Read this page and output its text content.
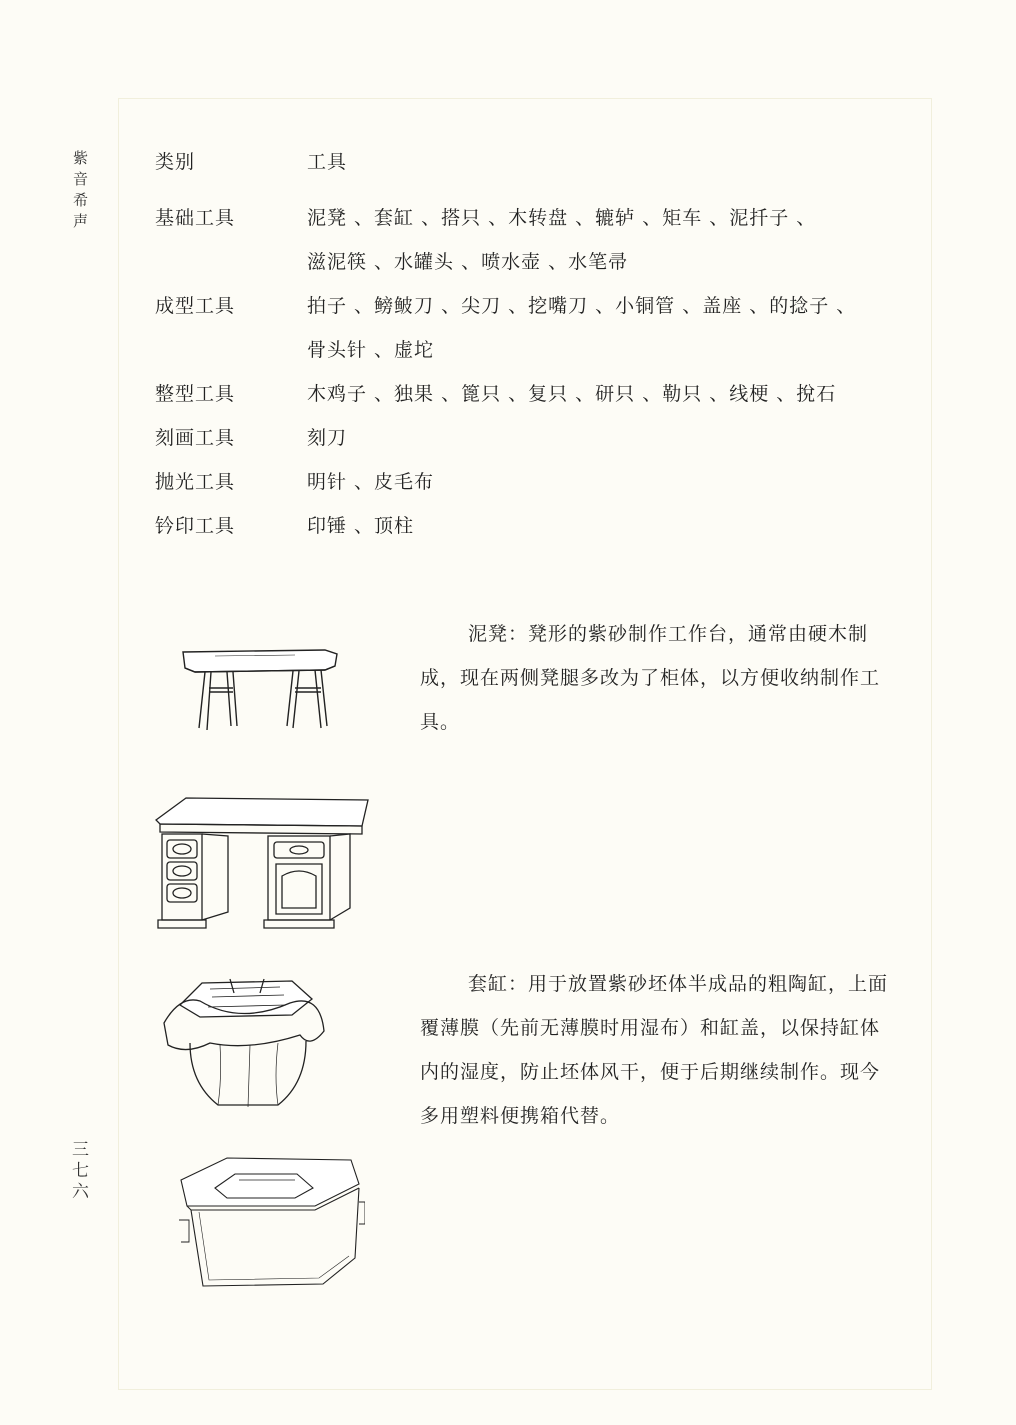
紫音希声
三七六
类别	工具
基础工具	泥凳 、套缸 、搭只 、木转盘 、辘轳 、矩车 、泥扦子 、
滋泥筷 、水罐头 、喷水壶 、水笔帚
成型工具	拍子 、鳑鲏刀 、尖刀 、挖嘴刀 、小铜管 、盖座 、的捻子 、
骨头针 、虚坨
整型工具	木鸡子 、独果 、篦只 、复只 、研只 、勒只 、线梗 、挩石
刻画工具	刻刀
抛光工具	明针 、皮毛布
钤印工具	印锤 、顶柱
泥凳：凳形的紫砂制作工作台，通常由硬木制成，现在两侧凳腿多改为了柜体，以方便收纳制作工具。
套缸：用于放置紫砂坯体半成品的粗陶缸，上面覆薄膜（先前无薄膜时用湿布）和缸盖，以保持缸体内的湿度，防止坯体风干，便于后期继续制作。现今多用塑料便携箱代替。
